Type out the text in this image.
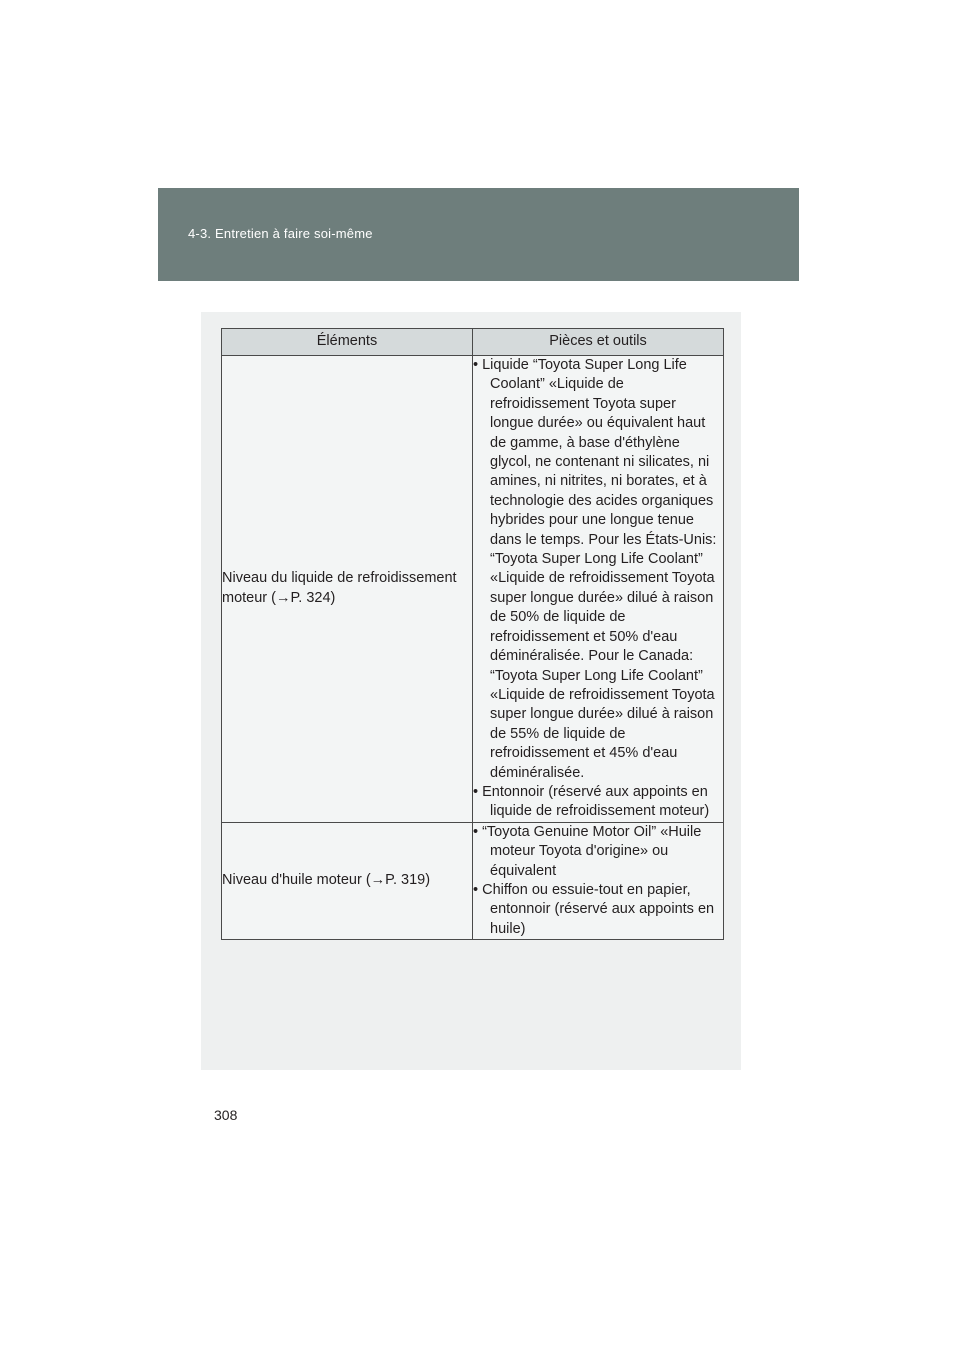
4-3. Entretien à faire soi-même
Éléments	Pièces et outils
Niveau du liquide de refroidissement moteur (→P. 324)	• Liquide “Toyota Super Long Life Coolant” «Liquide de refroidissement Toyota super longue durée» ou équivalent haut de gamme, à base d'éthylène glycol, ne contenant ni silicates, ni amines, ni nitrites, ni borates, et à technologie des acides organiques hybrides pour une longue tenue dans le temps. Pour les États-Unis: “Toyota Super Long Life Coolant” «Liquide de refroidissement Toyota super longue durée» dilué à raison de 50% de liquide de refroidissement et 50% d'eau déminéralisée. Pour le Canada: “Toyota Super Long Life Coolant” «Liquide de refroidissement Toyota super longue durée» dilué à raison de 55% de liquide de refroidissement et 45% d'eau déminéralisée.
• Entonnoir (réservé aux appoints en liquide de refroidissement moteur)

Niveau d'huile moteur (→P. 319)	• “Toyota Genuine Motor Oil” «Huile moteur Toyota d'origine» ou équivalent
• Chiffon ou essuie-tout en papier, entonnoir (réservé aux appoints en huile)
308
